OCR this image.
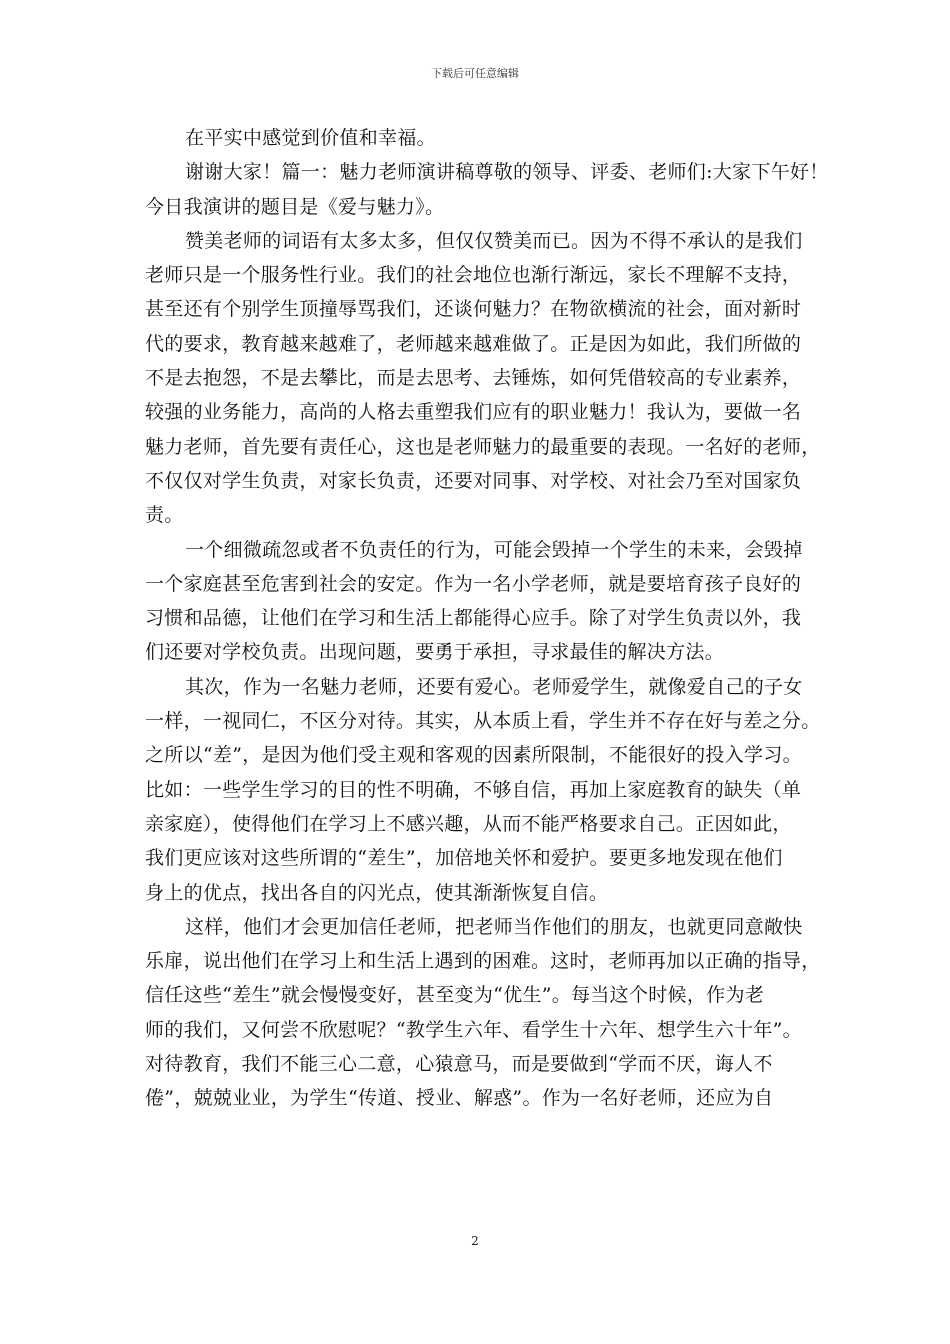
下载后可任意编辑
在平实中感觉到价值和幸福。
谢谢大家！篇一：魅力老师演讲稿尊敬的领导、评委、老师们:大家下午好！
今日我演讲的题目是《爱与魅力》。
赞美老师的词语有太多太多，但仅仅赞美而已。因为不得不承认的是我们
老师只是一个服务性行业。我们的社会地位也渐行渐远，家长不理解不支持，
甚至还有个别学生顶撞辱骂我们，还谈何魅力？在物欲横流的社会，面对新时
代的要求，教育越来越难了，老师越来越难做了。正是因为如此，我们所做的
不是去抱怨，不是去攀比，而是去思考、去锤炼，如何凭借较高的专业素养，
较强的业务能力，高尚的人格去重塑我们应有的职业魅力！我认为，要做一名
魅力老师，首先要有责任心，这也是老师魅力的最重要的表现。一名好的老师，
不仅仅对学生负责，对家长负责，还要对同事、对学校、对社会乃至对国家负
责。
一个细微疏忽或者不负责任的行为，可能会毁掉一个学生的未来，会毁掉
一个家庭甚至危害到社会的安定。作为一名小学老师，就是要培育孩子良好的
习惯和品德，让他们在学习和生活上都能得心应手。除了对学生负责以外，我
们还要对学校负责。出现问题，要勇于承担，寻求最佳的解决方法。
其次，作为一名魅力老师，还要有爱心。老师爱学生，就像爱自己的子女
一样，一视同仁，不区分对待。其实，从本质上看，学生并不存在好与差之分。
之所以“差”，是因为他们受主观和客观的因素所限制，不能很好的投入学习。
比如：一些学生学习的目的性不明确，不够自信，再加上家庭教育的缺失（单
亲家庭），使得他们在学习上不感兴趣，从而不能严格要求自己。正因如此，
我们更应该对这些所谓的“差生”，加倍地关怀和爱护。要更多地发现在他们
身上的优点，找出各自的闪光点，使其渐渐恢复自信。
这样，他们才会更加信任老师，把老师当作他们的朋友，也就更同意敞快
乐扉，说出他们在学习上和生活上遇到的困难。这时，老师再加以正确的指导，
信任这些“差生”就会慢慢变好，甚至变为“优生”。每当这个时候，作为老
师的我们，又何尝不欣慰呢？“教学生六年、看学生十六年、想学生六十年”。
对待教育，我们不能三心二意，心猿意马，而是要做到“学而不厌，诲人不
倦”，兢兢业业，为学生“传道、授业、解惑”。作为一名好老师，还应为自
2
